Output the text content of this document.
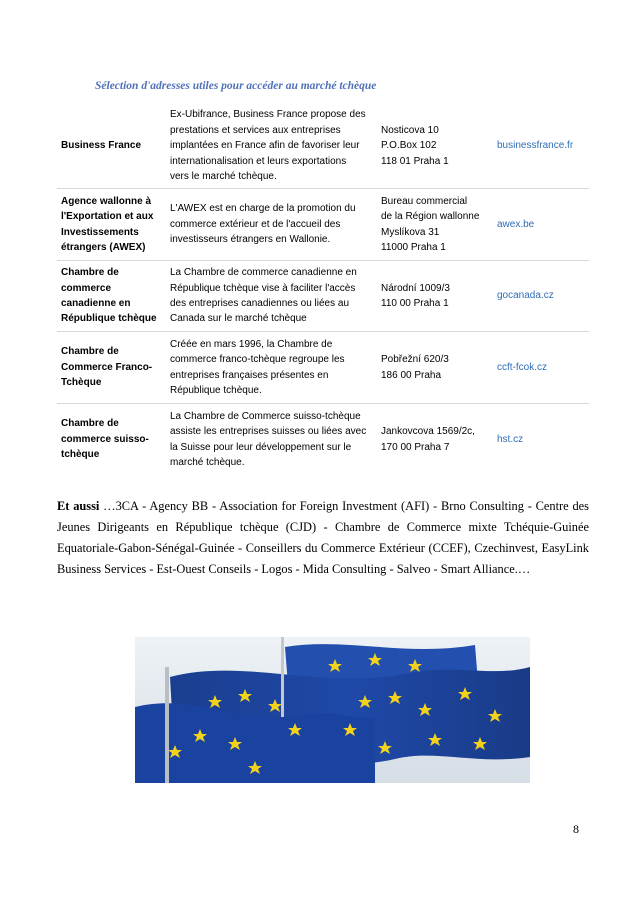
Sélection d'adresses utiles pour accéder au marché tchèque
Business France	Ex-Ubifrance, Business France propose des
prestations et services aux entreprises
implantées en France afin de favoriser leur
internationalisation et leurs exportations
vers le marché tchèque.	Nosticova 10
P.O.Box 102
118 01 Praha 1	businessfrance.fr
Agence wallonne à
l'Exportation et aux
Investissements
étrangers (AWEX)	L'AWEX est en charge de la promotion du
commerce extérieur et de l'accueil des
investisseurs étrangers en Wallonie.	Bureau commercial
de la Région wallonne
Myslíkova 31
11000 Praha 1	awex.be
Chambre de
commerce
canadienne en
République tchèque	La Chambre de commerce canadienne en
République tchèque vise à faciliter l'accès
des entreprises canadiennes ou liées au
Canada sur le marché tchèque	Národní 1009/3
110 00 Praha 1	gocanada.cz
Chambre de
Commerce Franco-
Tchèque	Créée en mars 1996, la Chambre de
commerce franco-tchèque regroupe les
entreprises françaises présentes en
République tchèque.	Pobřežní 620/3
186 00 Praha	ccft-fcok.cz
Chambre de
commerce suisso-
tchèque	La Chambre de Commerce suisso-tchèque
assiste les entreprises suisses ou liées avec
la Suisse pour leur développement sur le
marché tchèque.	Jankovcova 1569/2c,
170 00 Praha 7	hst.cz

Et aussi …3CA - Agency BB - Association for Foreign Investment (AFI) - Brno Consulting - Centre des Jeunes Dirigeants en République tchèque (CJD) - Chambre de Commerce mixte Tchéquie-Guinée Equatoriale-Gabon-Sénégal-Guinée - Conseillers du Commerce Extérieur (CCEF), Czechinvest, EasyLink Business Services - Est-Ouest Conseils - Logos - Mida Consulting - Salveo - Smart Alliance.…

8
